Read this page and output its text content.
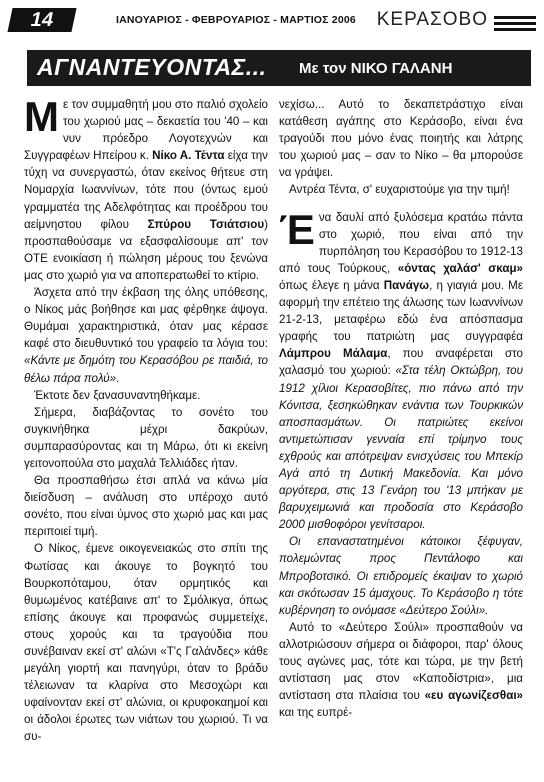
14	ΙΑΝΟΥΑΡΙΟΣ - ΦΕΒΡΟΥΑΡΙΟΣ - ΜΑΡΤΙΟΣ 2006 ΚΕΡΑΣΟΒΟ
ΑΓΝΑΝΤΕΥΟΝΤΑΣ... Με τον ΝΙΚΟ ΓΑΛΑΝΗ

Με τον συμμαθητή μου στο παλιό σχολείο του χωριού μας – δεκαετία του '40 – και νυν πρόεδρο Λογοτεχνών και Συγγραφέων Ηπείρου κ. Νίκο Α. Τέντα είχα την τύχη να συνεργαστώ, όταν εκείνος θήτευε στη Νομαρχία Ιωαννίνων, τότε που (όντως εμού γραμματέα της Αδελφότητας και προέδρου του αείμνηστου φίλου Σπύρου Τσιάτσιου) προσπαθούσαμε να εξασφαλίσουμε απ' τον ΟΤΕ ενοικίαση ή πώληση μέρους του ξενώνα μας στο χωριό για να αποπερατωθεί το κτίριο.

Άσχετα από την έκβαση της όλης υπόθεσης, ο Νίκος μάς βοήθησε και μας φέρθηκε άψογα. Θυμάμαι χαρακτηριστικά, όταν μας κέρασε καφέ στο διευθυντικό του γραφείο τα λόγια του: «Κάντε με δημότη του Κερασόβου ρε παιδιά, το θέλω πάρα πολύ».

Έκτοτε δεν ξανασυναντηθήκαμε.

Σήμερα, διαβάζοντας το σονέτο του συγκινήθηκα μέχρι δακρύων, συμπαρασύροντας και τη Μάρω, ότι κι εκείνη γειτονοπούλα στο μαχαλά Τελλιάδες ήταν.

Θα προσπαθήσω έτσι απλά να κάνω μία διείσδυση – ανάλυση στο υπέροχο αυτό σονέτο, που είναι ύμνος στο χωριό μας και μας περιποιεί τιμή.

Ο Νίκος, έμενε οικογενειακώς στο σπίτι της Φωτίσας και άκουγε το βογκητό του Βουρκοπόταμου, όταν ορμητικός και θυμωμένος κατέβαινε απ' το Σμόλικγα, όπως επίσης άκουγε και προφανώς συμμετείχε, στους χορούς και τα τραγούδια που συνέβαιναν εκεί στ' αλώνι «Τ'ς Γαλάνδες» κάθε μεγάλη γιορτή και πανηγύρι, όταν το βράδυ τέλειωναν τα κλαρίνα στο Μεσοχώρι και υφαίνονταν εκεί στ' αλώνια, οι κρυφοκαημοί και οι άδολοι έρωτες των νιάτων του χωριού. Τι να συ-

νεχίσω... Αυτό το δεκαπετράστιχο είναι κατάθεση αγάπης στο Κεράσοβο, είναι ένα τραγούδι που μόνο ένας ποιητής και λάτρης του χωριού μας – σαν το Νίκο – θα μπορούσε να γράψει.

Αντρέα Τέντα, σ' ευχαριστούμε για την τιμή!

Ένα δαυλί από ξυλόσεμα κρατάω πάντα στο χωριό, που είναι από την πυρπόληση του Κερασόβου το 1912-13 από τους Τούρκους, «όντας χαλάσ' σκαμ» όπως έλεγε η μάνα Πανάγω, η γιαγιά μου. Με αφορμή την επέτειο της άλωσης των Ιωαννίνων 21-2-13, μεταφέρω εδώ ένα απόσπασμα γραφής του πατριώτη μας συγγραφέα Λάμπρου Μάλαμα, που αναφέρεται στο χαλασμό του χωριού: «Στα τέλη Οκτώβρη, του 1912 χίλιοι Κερασοβίτες, πιο πάνω από την Κόνιτσα, ξεσηκώθηκαν ενάντια των Τουρκικών αποσπασμάτων. Οι πατριώτες εκείνοι αντιμετώπισαν γενναία επί τρίμηνο τους εχθρούς και απότρεψαν ενισχύσεις του Μπεκίρ Αγά από τη Δυτική Μακεδονία. Και μόνο αργότερα, στις 13 Γενάρη του '13 μπήκαν με βαρυχειμωνιά και προδοσία στο Κεράσοβο 2000 μισθοφόροι γενίτσαροι.

Οι επαναστατημένοι κάτοικοι ξέφυγαν, πολεμώντας προς Πεντάλοφο και Μπροβοτσικό. Οι επιδρομείς έκαψαν το χωριό και σκότωσαν 15 άμαχους. Το Κεράσοβο η τότε κυβέρνηση το ονόμασε «Δεύτερο Σούλι».

Αυτό το «Δεύτερο Σούλι» προσπαθούν να αλλοτριώσουν σήμερα οι διάφοροι, παρ' όλους τους αγώνες μας, τότε και τώρα, με την βετή αντίσταση μας στον «Καποδίστρια», μια αντίσταση στα πλαίσια του «ευ αγωνίζεσθαι» και της ευπρέ-
